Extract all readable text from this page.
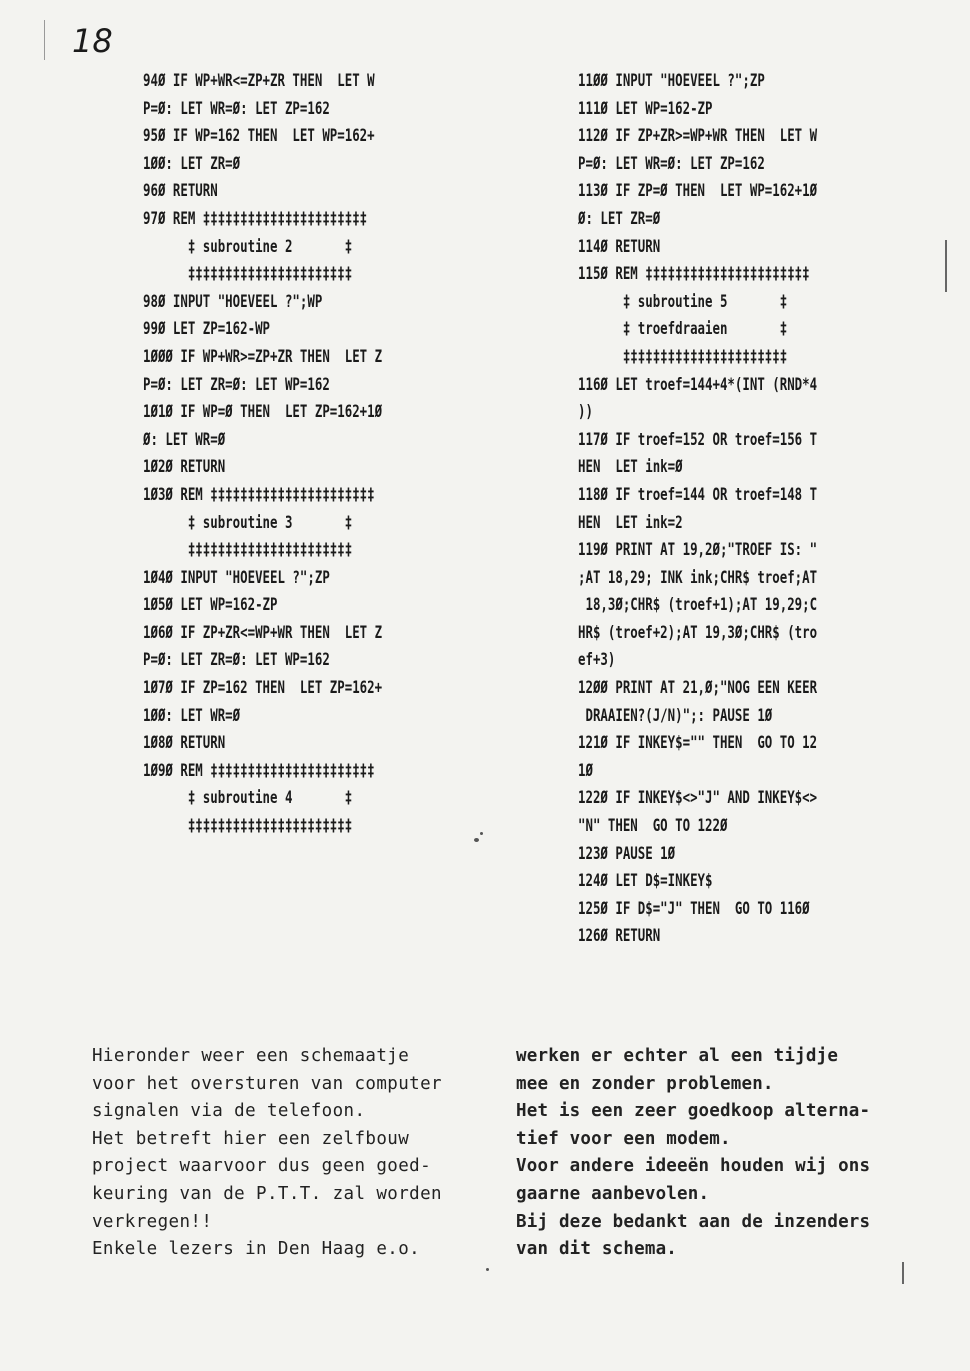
18
94Ø IF WP+WR<=ZP+ZR THEN  LET W
P=Ø: LET WR=Ø: LET ZP=162
95Ø IF WP=162 THEN  LET WP=162+
1ØØ: LET ZR=Ø
96Ø RETURN
97Ø REM ‡‡‡‡‡‡‡‡‡‡‡‡‡‡‡‡‡‡‡‡‡‡
‡ subroutine 2       ‡
‡‡‡‡‡‡‡‡‡‡‡‡‡‡‡‡‡‡‡‡‡‡
98Ø INPUT "HOEVEEL ?";WP
99Ø LET ZP=162-WP
1ØØØ IF WP+WR>=ZP+ZR THEN  LET Z
P=Ø: LET ZR=Ø: LET WP=162
1Ø1Ø IF WP=Ø THEN  LET ZP=162+1Ø
Ø: LET WR=Ø
1Ø2Ø RETURN
1Ø3Ø REM ‡‡‡‡‡‡‡‡‡‡‡‡‡‡‡‡‡‡‡‡‡‡
‡ subroutine 3       ‡
‡‡‡‡‡‡‡‡‡‡‡‡‡‡‡‡‡‡‡‡‡‡
1Ø4Ø INPUT "HOEVEEL ?";ZP
1Ø5Ø LET WP=162-ZP
1Ø6Ø IF ZP+ZR<=WP+WR THEN  LET Z
P=Ø: LET ZR=Ø: LET WP=162
1Ø7Ø IF ZP=162 THEN  LET ZP=162+
1ØØ: LET WR=Ø
1Ø8Ø RETURN
1Ø9Ø REM ‡‡‡‡‡‡‡‡‡‡‡‡‡‡‡‡‡‡‡‡‡‡
‡ subroutine 4       ‡
‡‡‡‡‡‡‡‡‡‡‡‡‡‡‡‡‡‡‡‡‡‡
11ØØ INPUT "HOEVEEL ?";ZP
111Ø LET WP=162-ZP
112Ø IF ZP+ZR>=WP+WR THEN  LET W
P=Ø: LET WR=Ø: LET ZP=162
113Ø IF ZP=Ø THEN  LET WP=162+1Ø
Ø: LET ZR=Ø
114Ø RETURN
115Ø REM ‡‡‡‡‡‡‡‡‡‡‡‡‡‡‡‡‡‡‡‡‡‡
‡ subroutine 5       ‡
‡ troefdraaien       ‡
‡‡‡‡‡‡‡‡‡‡‡‡‡‡‡‡‡‡‡‡‡‡
116Ø LET troef=144+4*(INT (RND*4
))
117Ø IF troef=152 OR troef=156 T
HEN  LET ink=Ø
118Ø IF troef=144 OR troef=148 T
HEN  LET ink=2
119Ø PRINT AT 19,2Ø;"TROEF IS: "
;AT 18,29; INK ink;CHR$ troef;AT
18,3Ø;CHR$ (troef+1);AT 19,29;C
HR$ (troef+2);AT 19,3Ø;CHR$ (tro
ef+3)
12ØØ PRINT AT 21,Ø;"NOG EEN KEER
DRAAIEN?(J/N)";: PAUSE 1Ø
121Ø IF INKEY$="" THEN  GO TO 12
1Ø
122Ø IF INKEY$<>"J" AND INKEY$<>
"N" THEN  GO TO 122Ø
123Ø PAUSE 1Ø
124Ø LET D$=INKEY$
125Ø IF D$="J" THEN  GO TO 116Ø
126Ø RETURN
Hieronder weer een schemaatje
voor het oversturen van computer
signalen via de telefoon.
Het betreft hier een zelfbouw
project waarvoor dus geen goed-
keuring van de P.T.T. zal worden
verkregen!!
Enkele lezers in Den Haag e.o.
werken er echter al een tijdje
mee en zonder problemen.
Het is een zeer goedkoop alterna-
tief voor een modem.
Voor andere ideeën houden wij ons
gaarne aanbevolen.
Bij deze bedankt aan de inzenders
van dit schema.
